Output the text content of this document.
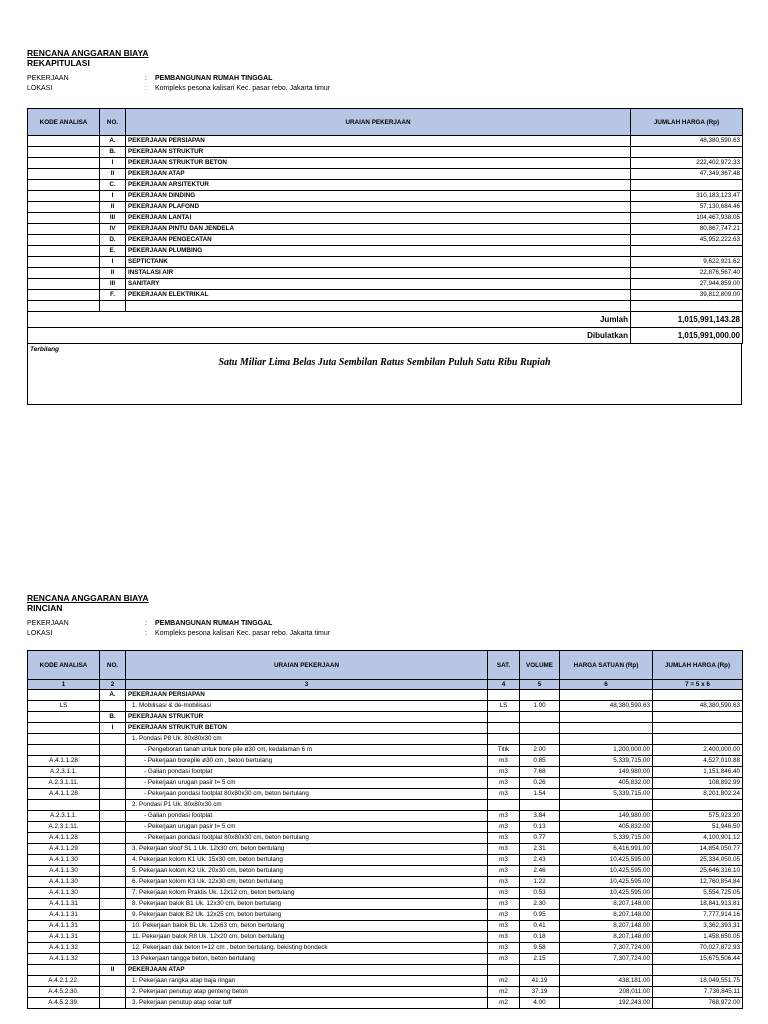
RENCANA ANGGARAN BIAYA
REKAPITULASI
PEKERJAAN	: PEMBANGUNAN RUMAH TINGGAL
LOKASI	: Kompleks pesona kalisari Kec. pasar rebo. Jakarta timur
KODE ANALISA	NO.	URAIAN PEKERJAAN	JUMLAH HARGA (Rp)
	A.	PEKERJAAN PERSIAPAN	48,380,590.63
	B.	PEKERJAAN STRUKTUR	
	I	PEKERJAAN STRUKTUR BETON	222,402,972.33
	II	PEKERJAAN ATAP	47,349,367.48
	C.	PEKERJAAN ARSITEKTUR	
	I	PEKERJAAN DINDING	310,183,123.47
	II	PEKERJAAN PLAFOND	57,130,684.46
	III	PEKERJAAN LANTAI	104,467,938.05
	IV	PEKERJAAN PINTU DAN JENDELA	80,867,747.21
	D.	PEKERJAAN PENGECATAN	45,952,222.63
	E.	PEKERJAAN PLUMBING	
	I	SEPTICTANK	9,622,921.62
	II	INSTALASI AIR	22,876,567.40
	III	SANITARY	27,944,859.00
	F.	PEKERJAAN ELEKTRIKAL	39,812,809.00

Jumlah			1,015,991,143.28
Dibulatkan			1,015,991,000.00
Terbilang
Satu Miliar Lima Belas Juta Sembilan Ratus Sembilan Puluh Satu Ribu Rupiah
RENCANA ANGGARAN BIAYA
RINCIAN
PEKERJAAN	: PEMBANGUNAN RUMAH TINGGAL
LOKASI	: Kompleks pesona kalisari Kec. pasar rebo. Jakarta timur
KODE ANALISA	NO.	URAIAN PEKERJAAN	SAT.	VOLUME	HARGA SATUAN (Rp)	JUMLAH HARGA (Rp)
1	2	3	4	5	6	7 = 5 x 6
	A.	PEKERJAAN PERSIAPAN				
LS		1. Mobilisasi & de-mobilisasi	LS	1.00	48,380,590.63	48,380,590.63
	B.	PEKERJAAN STRUKTUR				
	I	PEKERJAAN STRUKTUR BETON				
		1. Pondasi P8 Uk. 80x80x30 cm				
		- Pengeboran tanah untuk bore pile ø30 cm, kedalaman 6 m	Titik	2.00	1,200,000.00	2,400,000.00
A.4.1.1.28		- Pekerjaan borepile ø30 cm , beton bertulang	m3	0.85	5,339,715.00	4,527,010.88
A.2.3.1.1.		- Galian pondasi footplat	m3	7.68	149,980.00	1,151,846.40
A.2.3.1.11.		- Pekerjaan urugan pasir t= 5 cm	m3	0.26	405,832.00	108,892.99
A.4.1.1.28		- Pekerjaan pondasi footplat 80x80x30 cm, beton bertulang	m3	1.54	5,339,715.00	8,201,802.24
		2. Pondasi P1 Uk. 80x80x30 cm				
A.2.3.1.1.		- Galian pondasi footplat	m3	3.84	149,980.00	575,923.20
A.2.3.1.11.		- Pekerjaan urugan pasir t= 5 cm	m3	0.13	405,832.00	51,946.50
A.4.1.1.28		- Pekerjaan pondasi footplat 80x80x30 cm, beton bertulang	m3	0.77	5,339,715.00	4,100,901.12
A.4.1.1.29		3. Pekerjaan sloof SL 1 Uk. 12x30 cm, beton bertulang	m3	2.31	6,416,991.00	14,854,050.77
A.4.1.1.30		4. Pekerjaan kolom K1 Uk. 15x30 cm, beton bertulang	m3	2.43	10,425,595.00	25,334,050.05
A.4.1.1.30		5. Pekerjaan kolom K2 Uk. 20x30 cm, beton bertulang	m3	2.46	10,425,595.00	25,646,316.10
A.4.1.1.30		6. Pekerjaan kolom K3 Uk. 12x30 cm, beton bertulang	m3	1.22	10,425,595.00	12,760,854.84
A.4.1.1.30		7. Pekerjaan kolom Praktis Uk. 12x12 cm, beton bertulang	m3	0.53	10,425,595.00	5,554,725.05
A.4.1.1.31		8. Pekerjaan balok B1 Uk. 12x30 cm, beton bertulang	m3	2.30	8,207,148.00	18,841,913.81
A.4.1.1.31		9. Pekerjaan balok B2 Uk. 12x25 cm, beton bertulang	m3	0.95	8,207,148.00	7,777,914.16
A.4.1.1.31		10. Pekerjaan balok BL Uk. 12x63 cm, beton bertulang	m3	0.41	8,207,148.00	3,362,393.31
A.4.1.1.31		11. Pekerjaan balok R8 Uk. 12x20 cm, beton bertulang	m3	0.18	8,207,148.00	1,458,650.05
A.4.1.1.32		12. Pekerjaan dak beton t=12 cm , beton bertulang, bekisting bondeck	m3	9.58	7,307,724.00	70,027,872.93
A.4.1.1.32		13 Pekerjaan tangga beton, beton bertulang	m3	2.15	7,307,724.00	15,675,506.44
	II	PEKERJAAN ATAP				
A.4.2.1.22.		1. Pekerjaan rangka atap baja ringan	m2	41.19	438,181.00	18,049,551.75
A.4.5.2.30.		2. Pekerjaan penutup atap genteng beton	m2	37.19	208,011.00	7,736,845.11
A.4.5.2.39.		3. Pekerjaan penutup atap solar tuff	m2	4.00	192,243.00	768,972.00
